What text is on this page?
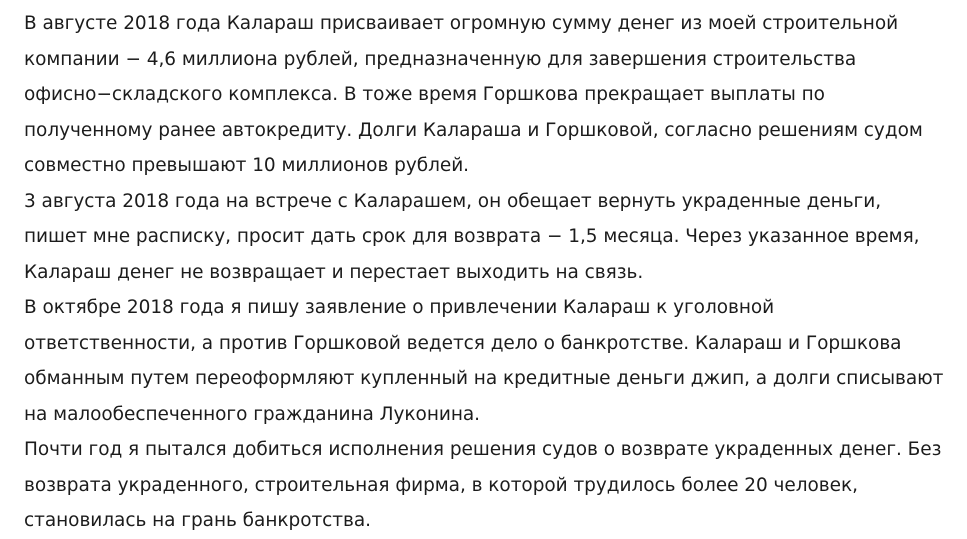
В августе 2018 года Калараш присваивает огромную сумму денег из моей строительной компании − 4,6 миллиона рублей, предназначенную для завершения строительства офисно−складского комплекса. В тоже время Горшкова прекращает выплаты по полученному ранее автокредиту. Долги Калараша и Горшковой, согласно решениям судом совместно превышают 10 миллионов рублей.

3 августа 2018 года на встрече с Каларашем, он обещает вернуть украденные деньги, пишет мне расписку, просит дать срок для возврата − 1,5 месяца. Через указанное время, Калараш денег не возвращает и перестает выходить на связь.

В октябре 2018 года я пишу заявление о привлечении Калараш к уголовной ответственности, а против Горшковой ведется дело о банкротстве. Калараш и Горшкова обманным путем переоформляют купленный на кредитные деньги джип, а долги списывают на малообеспеченного гражданина Луконина.

Почти год я пытался добиться исполнения решения судов о возврате украденных денег. Без возврата украденного, строительная фирма, в которой трудилось более 20 человек, становилась на грань банкротства.
